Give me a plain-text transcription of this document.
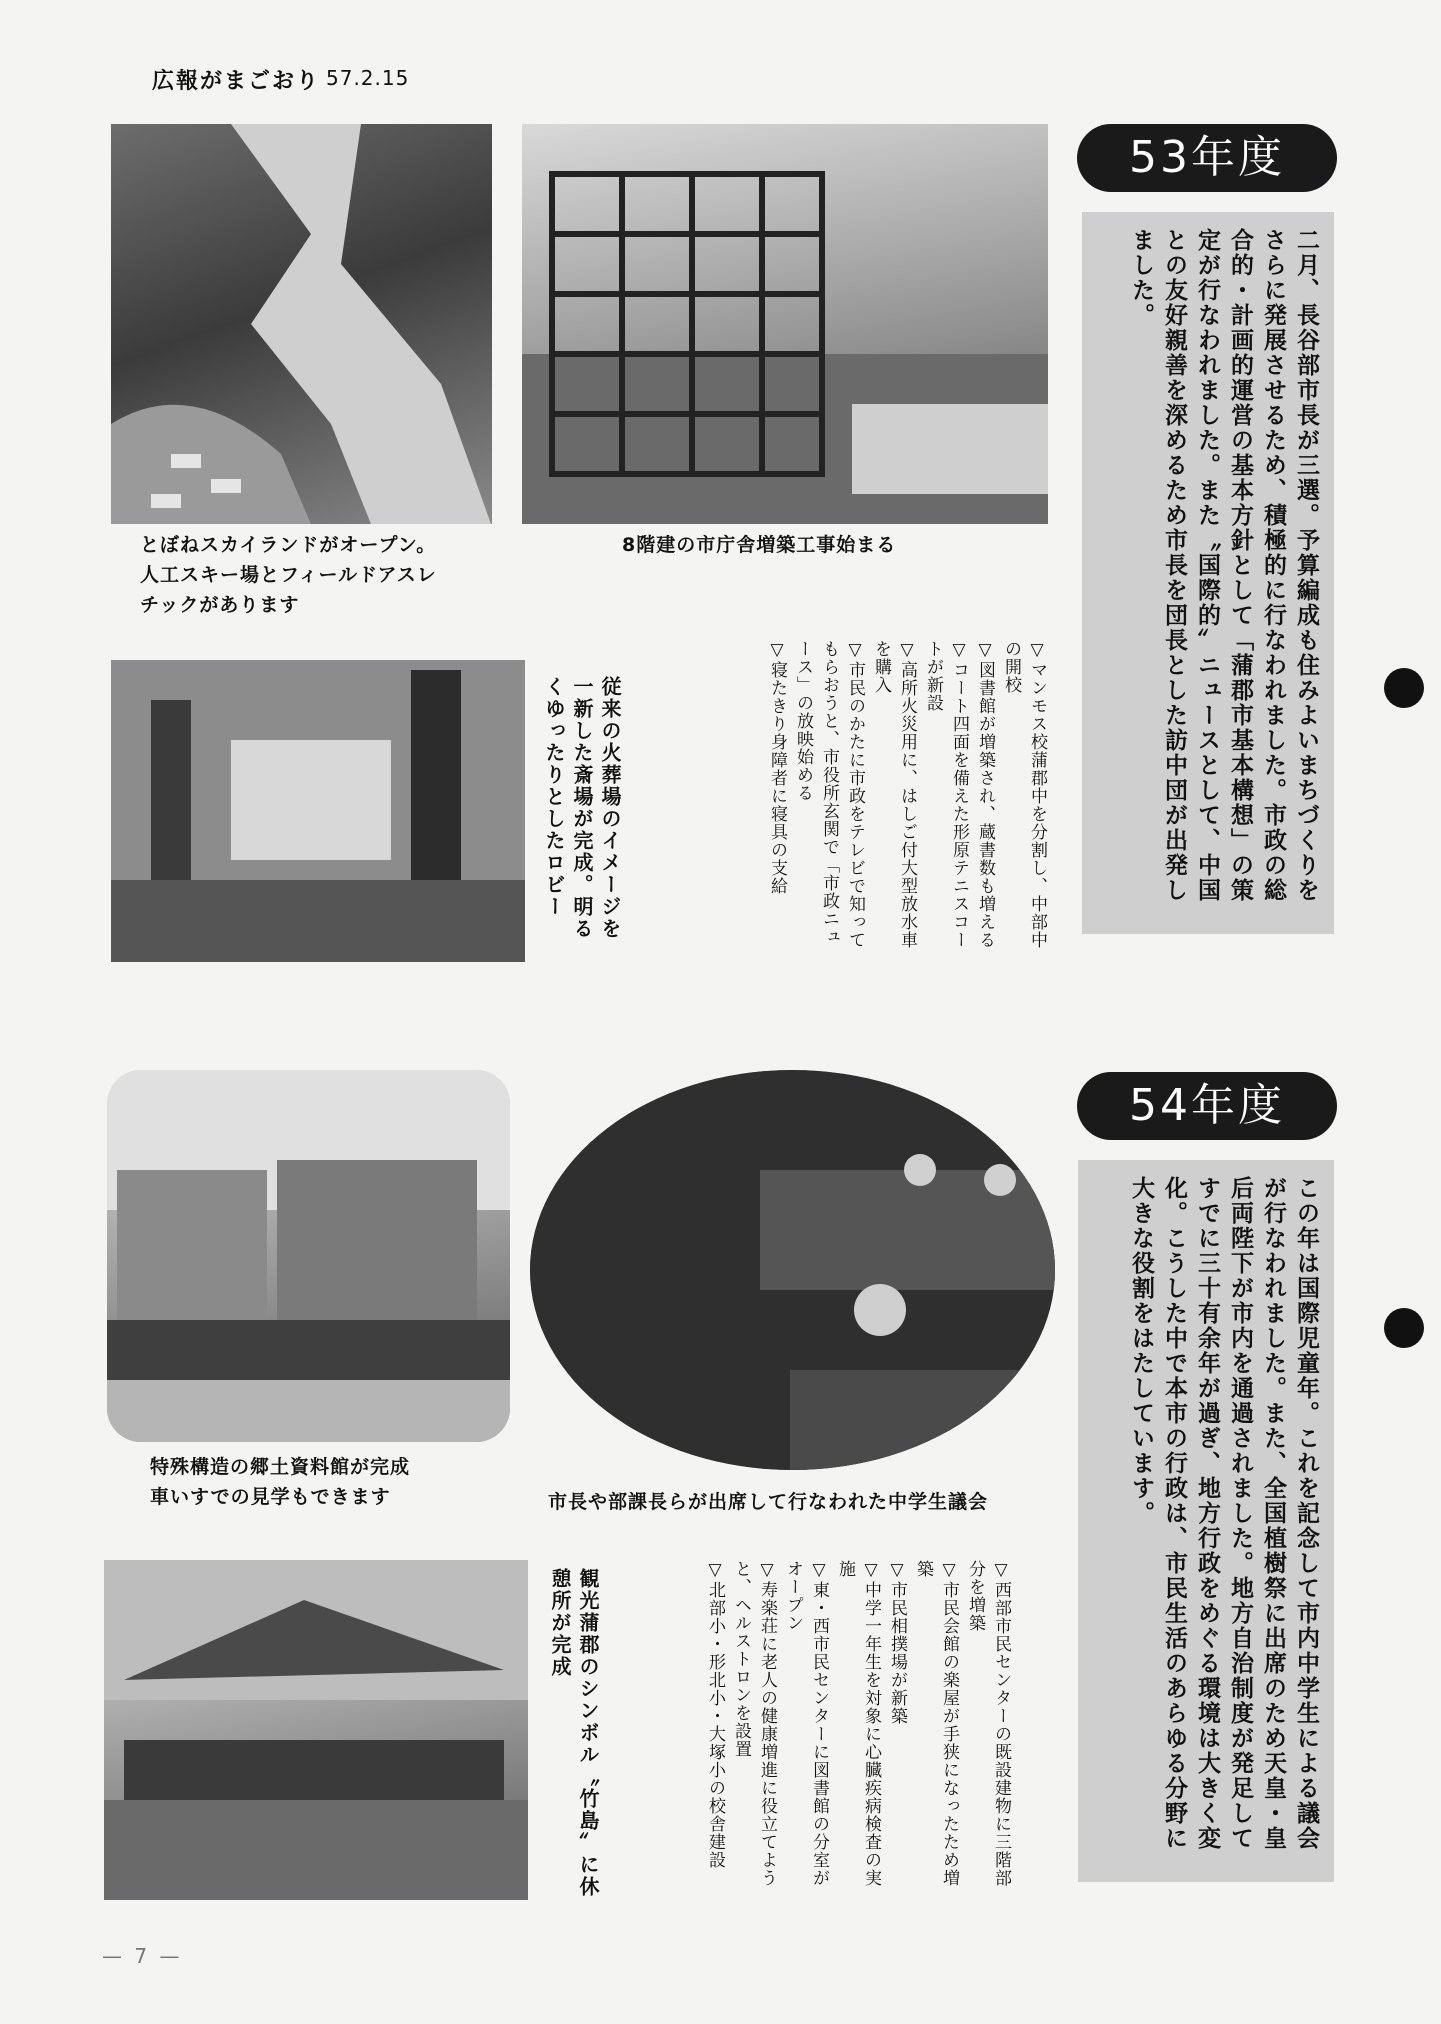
広報がまごおり 57.2.15
とぼねスカイランドがオープン。
人工スキー場とフィールドアスレ
チックがあります
8階建の市庁舎増築工事始まる
従来の火葬場のイメージを一新した斎場が完成。明るくゆったりとしたロビー	▽マンモス校蒲郡中を分割し、中部中の開校
▽図書館が増築され、蔵書数も増える
▽コート四面を備えた形原テニスコートが新設
▽高所火災用に、はしご付大型放水車を購入
▽市民のかたに市政をテレビで知ってもらおうと、市役所玄関で「市政ニュース」の放映始める
▽寝たきり身障者に寝具の支給
53年度
二月、長谷部市長が三選。予算編成も住みよいまちづくりをさらに発展させるため、積極的に行なわれました。市政の総合的・計画的運営の基本方針として「蒲郡市基本構想」の策定が行なわれました。また〝国際的〟ニュースとして、中国との友好親善を深めるため市長を団長とした訪中団が出発しました。
特殊構造の郷土資料館が完成
車いすでの見学もできます	市長や部課長らが出席して行なわれた中学生議会
観光蒲郡のシンボル〝竹島〟に休憩所が完成	▽西部市民センターの既設建物に三階部分を増築
▽市民会館の楽屋が手狭になったため増築
▽市民相撲場が新築
▽中学一年生を対象に心臓疾病検査の実施
▽東・西市民センターに図書館の分室がオープン
▽寿楽荘に老人の健康増進に役立てようと、ヘルストロンを設置
▽北部小・形北小・大塚小の校舎建設
54年度
この年は国際児童年。これを記念して市内中学生による議会が行なわれました。また、全国植樹祭に出席のため天皇・皇后両陛下が市内を通過されました。地方自治制度が発足してすでに三十有余年が過ぎ、地方行政をめぐる環境は大きく変化。こうした中で本市の行政は、市民生活のあらゆる分野に大きな役割をはたしています。
— 7 —
